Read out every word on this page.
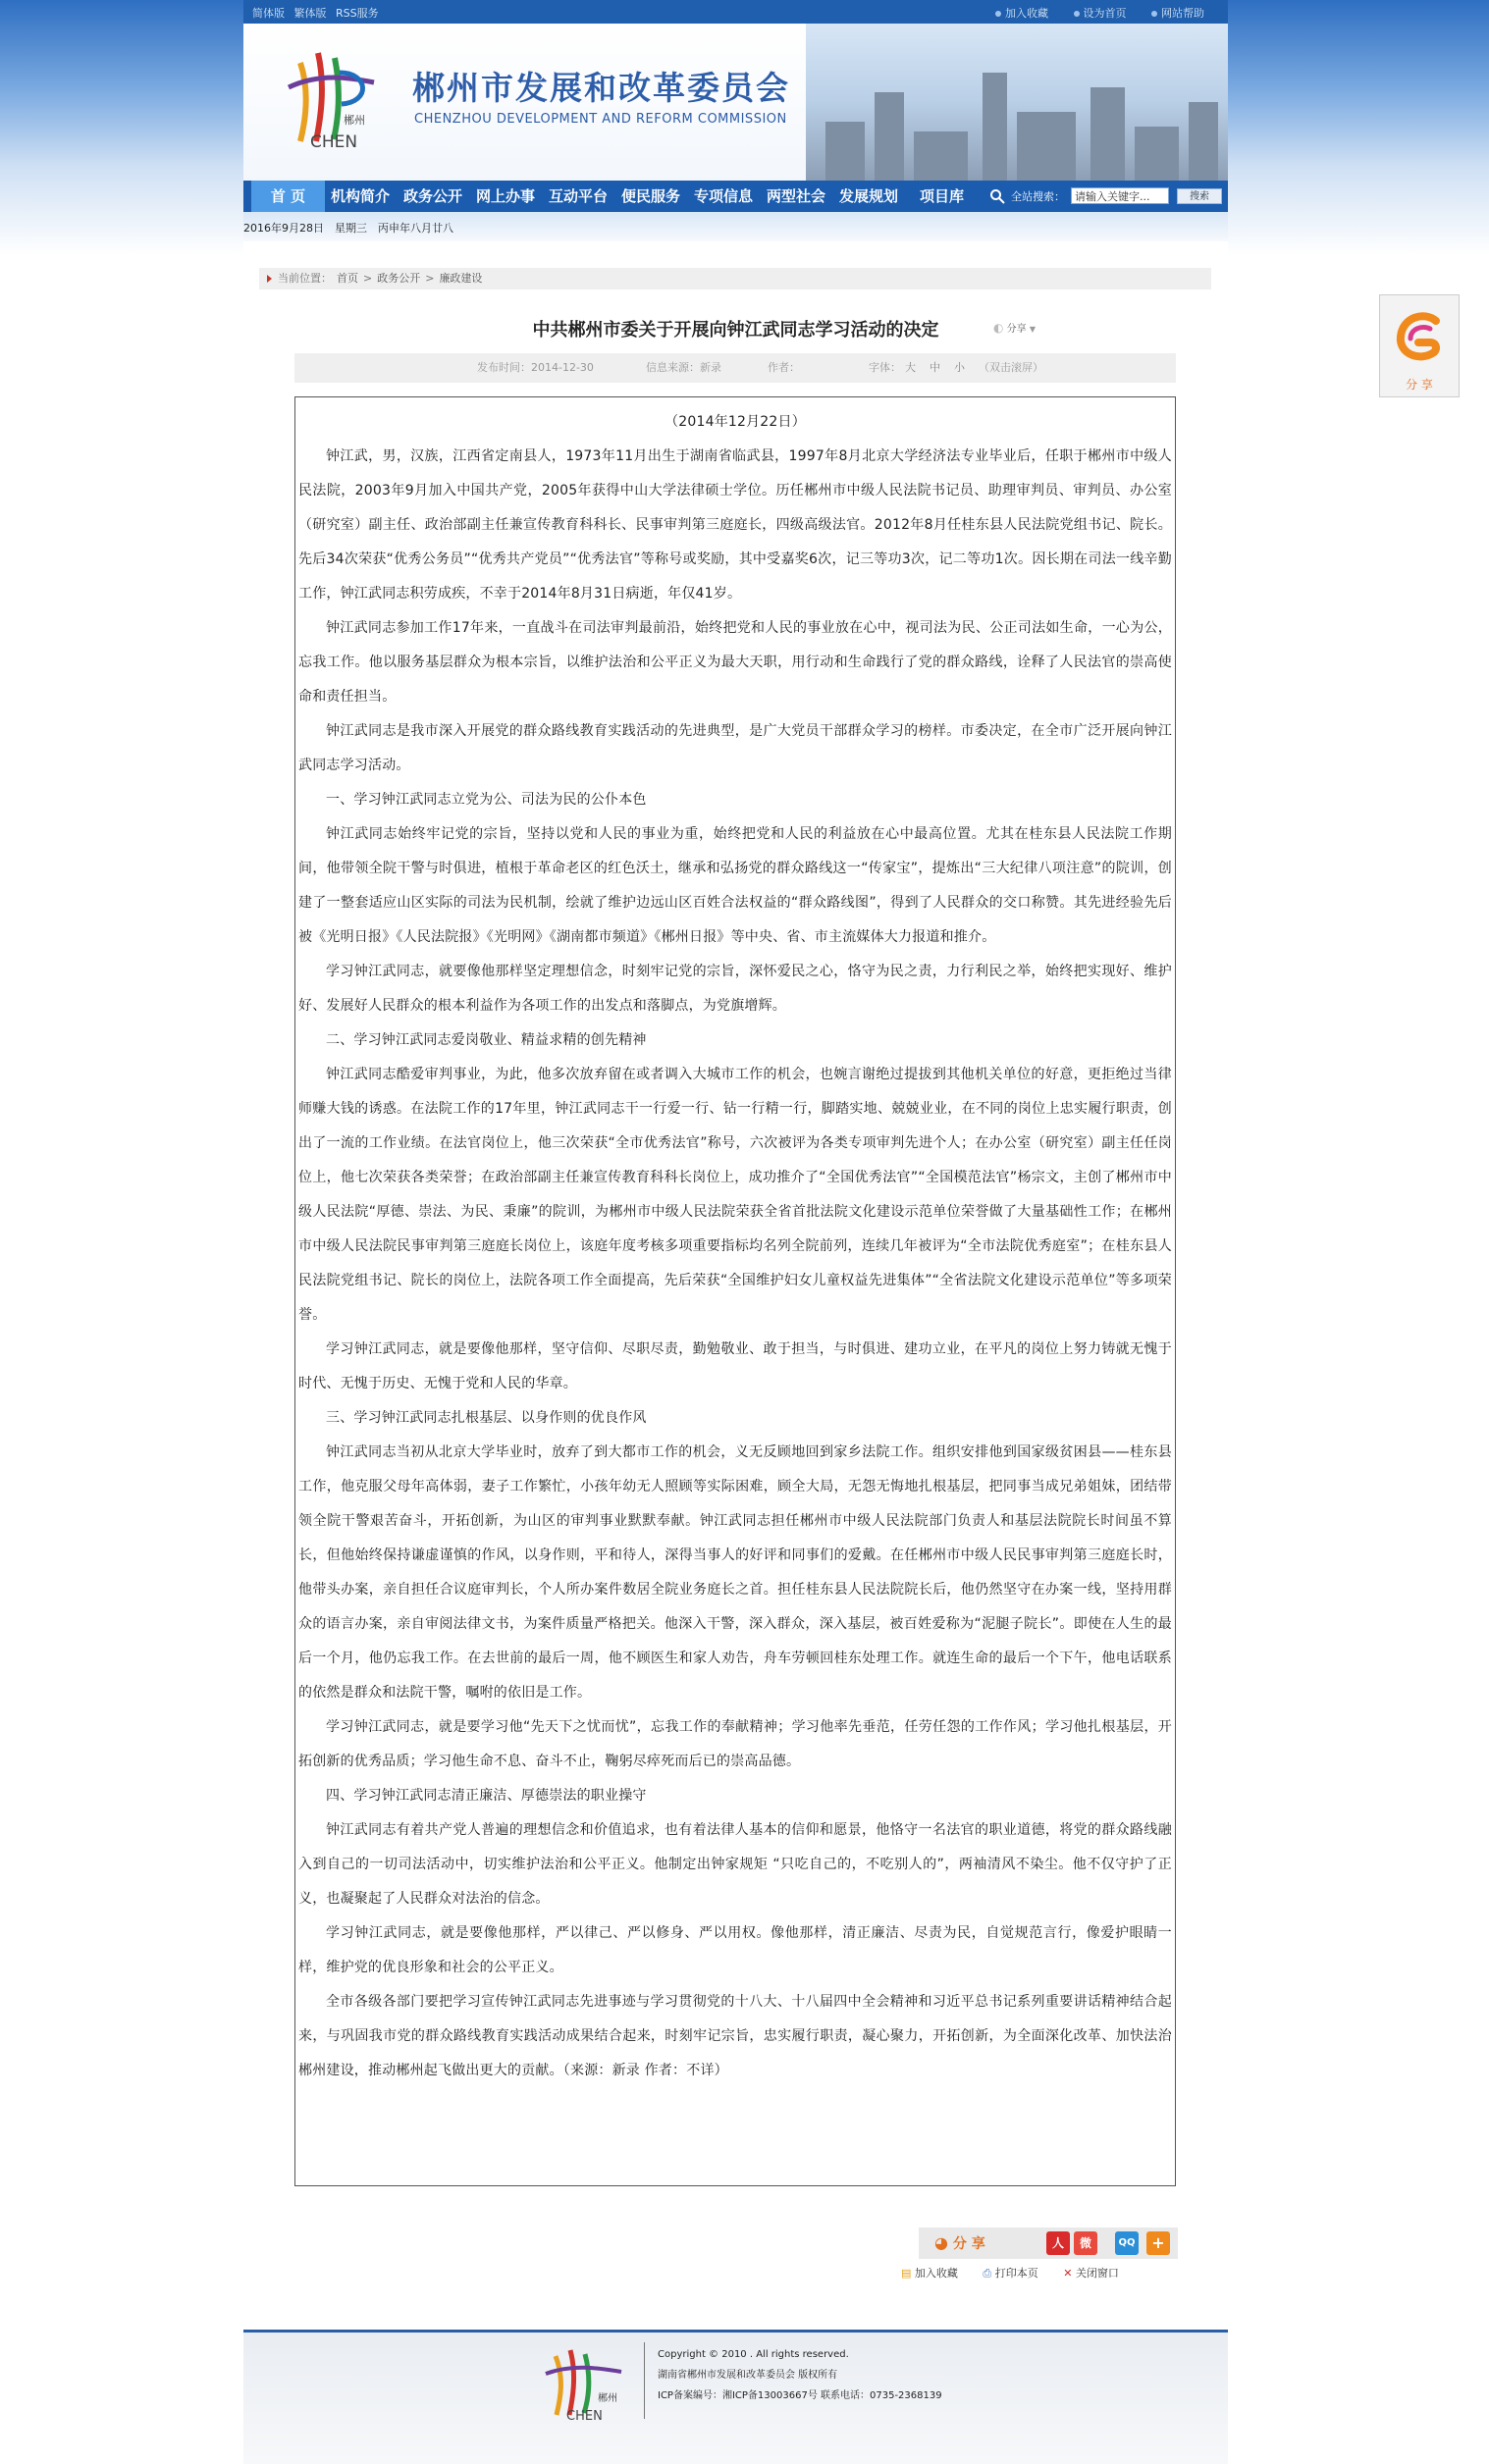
简体版 繁体版 RSS服务	加入收藏	设为首页	网站帮助
郴州
CHEN
郴州市发展和改革委员会
CHENZHOU DEVELOPMENT AND REFORM COMMISSION
首 页	机构简介 政务公开 网上办事 互动平台 便民服务 专项信息 两型社会 发展规划 项目库	全站搜索：
请输入关键字...	搜索
2016年9月28日　星期三　丙申年八月廿八
当前位置： 首页 > 政务公开 > 廉政建设
中共郴州市委关于开展向钟江武同志学习活动的决定	◐ 分享 ▼
发布时间：2014-12-30	信息来源：新录	作者：	字体： 大 中 小 （双击滚屏）

（2014年12月22日）

钟江武，男，汉族，江西省定南县人，1973年11月出生于湖南省临武县，1997年8月北京大学经济法专业毕业后，任职于郴州市中级人民法院，2003年9月加入中国共产党，2005年获得中山大学法律硕士学位。历任郴州市中级人民法院书记员、助理审判员、审判员、办公室（研究室）副主任、政治部副主任兼宣传教育科科长、民事审判第三庭庭长，四级高级法官。2012年8月任桂东县人民法院党组书记、院长。先后34次荣获“优秀公务员”“优秀共产党员”“优秀法官”等称号或奖励，其中受嘉奖6次，记三等功3次，记二等功1次。因长期在司法一线辛勤工作，钟江武同志积劳成疾，不幸于2014年8月31日病逝，年仅41岁。

钟江武同志参加工作17年来，一直战斗在司法审判最前沿，始终把党和人民的事业放在心中，视司法为民、公正司法如生命，一心为公，忘我工作。他以服务基层群众为根本宗旨，以维护法治和公平正义为最大天职，用行动和生命践行了党的群众路线，诠释了人民法官的崇高使命和责任担当。

钟江武同志是我市深入开展党的群众路线教育实践活动的先进典型，是广大党员干部群众学习的榜样。市委决定，在全市广泛开展向钟江武同志学习活动。

一、学习钟江武同志立党为公、司法为民的公仆本色

钟江武同志始终牢记党的宗旨，坚持以党和人民的事业为重，始终把党和人民的利益放在心中最高位置。尤其在桂东县人民法院工作期间，他带领全院干警与时俱进，植根于革命老区的红色沃土，继承和弘扬党的群众路线这一“传家宝”，提炼出“三大纪律八项注意”的院训，创建了一整套适应山区实际的司法为民机制，绘就了维护边远山区百姓合法权益的“群众路线图”，得到了人民群众的交口称赞。其先进经验先后被《光明日报》《人民法院报》《光明网》《湖南都市频道》《郴州日报》等中央、省、市主流媒体大力报道和推介。

学习钟江武同志，就要像他那样坚定理想信念，时刻牢记党的宗旨，深怀爱民之心，恪守为民之责，力行利民之举，始终把实现好、维护好、发展好人民群众的根本利益作为各项工作的出发点和落脚点，为党旗增辉。

二、学习钟江武同志爱岗敬业、精益求精的创先精神

钟江武同志酷爱审判事业，为此，他多次放弃留在或者调入大城市工作的机会，也婉言谢绝过提拔到其他机关单位的好意，更拒绝过当律师赚大钱的诱惑。在法院工作的17年里，钟江武同志干一行爱一行、钻一行精一行，脚踏实地、兢兢业业，在不同的岗位上忠实履行职责，创出了一流的工作业绩。在法官岗位上，他三次荣获“全市优秀法官”称号，六次被评为各类专项审判先进个人；在办公室（研究室）副主任任岗位上，他七次荣获各类荣誉；在政治部副主任兼宣传教育科科长岗位上，成功推介了“全国优秀法官”“全国模范法官”杨宗文，主创了郴州市中级人民法院“厚德、崇法、为民、秉廉”的院训，为郴州市中级人民法院荣获全省首批法院文化建设示范单位荣誉做了大量基础性工作；在郴州市中级人民法院民事审判第三庭庭长岗位上，该庭年度考核多项重要指标均名列全院前列，连续几年被评为“全市法院优秀庭室”；在桂东县人民法院党组书记、院长的岗位上，法院各项工作全面提高，先后荣获“全国维护妇女儿童权益先进集体”“全省法院文化建设示范单位”等多项荣誉。

学习钟江武同志，就是要像他那样，坚守信仰、尽职尽责，勤勉敬业、敢于担当，与时俱进、建功立业，在平凡的岗位上努力铸就无愧于时代、无愧于历史、无愧于党和人民的华章。

三、学习钟江武同志扎根基层、以身作则的优良作风

钟江武同志当初从北京大学毕业时，放弃了到大都市工作的机会，义无反顾地回到家乡法院工作。组织安排他到国家级贫困县——桂东县工作，他克服父母年高体弱，妻子工作繁忙，小孩年幼无人照顾等实际困难，顾全大局，无怨无悔地扎根基层，把同事当成兄弟姐妹，团结带领全院干警艰苦奋斗，开拓创新，为山区的审判事业默默奉献。钟江武同志担任郴州市中级人民法院部门负责人和基层法院院长时间虽不算长，但他始终保持谦虚谨慎的作风，以身作则，平和待人，深得当事人的好评和同事们的爱戴。在任郴州市中级人民民事审判第三庭庭长时，他带头办案，亲自担任合议庭审判长，个人所办案件数居全院业务庭长之首。担任桂东县人民法院院长后，他仍然坚守在办案一线，坚持用群众的语言办案，亲自审阅法律文书，为案件质量严格把关。他深入干警，深入群众，深入基层，被百姓爱称为“泥腿子院长”。即使在人生的最后一个月，他仍忘我工作。在去世前的最后一周，他不顾医生和家人劝告，舟车劳顿回桂东处理工作。就连生命的最后一个下午，他电话联系的依然是群众和法院干警，嘱咐的依旧是工作。

学习钟江武同志，就是要学习他“先天下之忧而忧”，忘我工作的奉献精神；学习他率先垂范，任劳任怨的工作作风；学习他扎根基层，开拓创新的优秀品质；学习他生命不息、奋斗不止，鞠躬尽瘁死而后已的崇高品德。

四、学习钟江武同志清正廉洁、厚德崇法的职业操守

钟江武同志有着共产党人普遍的理想信念和价值追求，也有着法律人基本的信仰和愿景，他恪守一名法官的职业道德，将党的群众路线融入到自己的一切司法活动中，切实维护法治和公平正义。他制定出钟家规矩 “只吃自己的，不吃别人的”，两袖清风不染尘。他不仅守护了正义，也凝聚起了人民群众对法治的信念。

学习钟江武同志，就是要像他那样，严以律己、严以修身、严以用权。像他那样，清正廉洁、尽责为民，自觉规范言行，像爱护眼睛一样，维护党的优良形象和社会的公平正义。

全市各级各部门要把学习宣传钟江武同志先进事迹与学习贯彻党的十八大、十八届四中全会精神和习近平总书记系列重要讲话精神结合起来，与巩固我市党的群众路线教育实践活动成果结合起来，时刻牢记宗旨，忠实履行职责，凝心聚力，开拓创新，为全面深化改革、加快法治郴州建设，推动郴州起飞做出更大的贡献。（来源：新录 作者：不详）

◕ 分 享	人	微	QQ	+
▤ 加入收藏 ⎙ 打印本页 ✕ 关闭窗口
郴州
CHEN
Copyright © 2010 . All rights reserved.
湖南省郴州市发展和改革委员会 版权所有
ICP备案编号：湘ICP备13003667号 联系电话：0735-2368139
分 享
